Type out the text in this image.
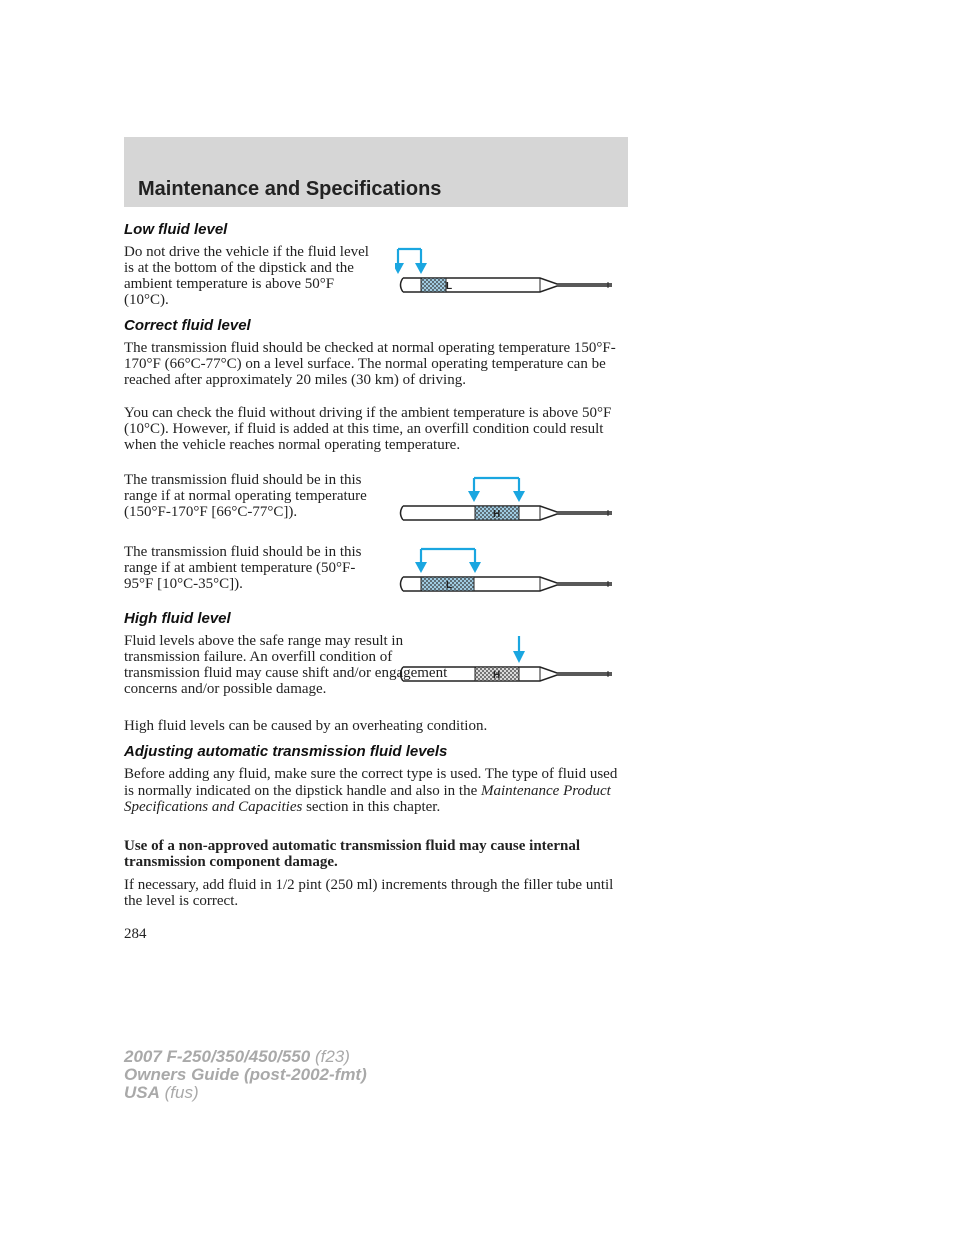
Maintenance and Specifications
Low fluid level
Do not drive the vehicle if the fluid level is at the bottom of the dipstick and the ambient temperature is above 50°F (10°C).
L
Correct fluid level
The transmission fluid should be checked at normal operating temperature 150°F-170°F (66°C-77°C) on a level surface. The normal operating temperature can be reached after approximately 20 miles (30 km) of driving.
You can check the fluid without driving if the ambient temperature is above 50°F (10°C). However, if fluid is added at this time, an overfill condition could result when the vehicle reaches normal operating temperature.
The transmission fluid should be in this range if at normal operating temperature (150°F-170°F [66°C-77°C]).	H
The transmission fluid should be in this range if at ambient temperature (50°F-95°F [10°C-35°C]).	L
High fluid level
Fluid levels above the safe range may result in transmission failure. An overfill condition of transmission fluid may cause shift and/or engagement concerns and/or possible damage.
H
High fluid levels can be caused by an overheating condition.
Adjusting automatic transmission fluid levels
Before adding any fluid, make sure the correct type is used. The type of fluid used is normally indicated on the dipstick handle and also in the Maintenance Product Specifications and Capacities section in this chapter.
Use of a non-approved automatic transmission fluid may cause internal transmission component damage.
If necessary, add fluid in 1/2 pint (250 ml) increments through the filler tube until the level is correct.
284
2007 F-250/350/450/550 (f23)
Owners Guide (post-2002-fmt)
USA (fus)
